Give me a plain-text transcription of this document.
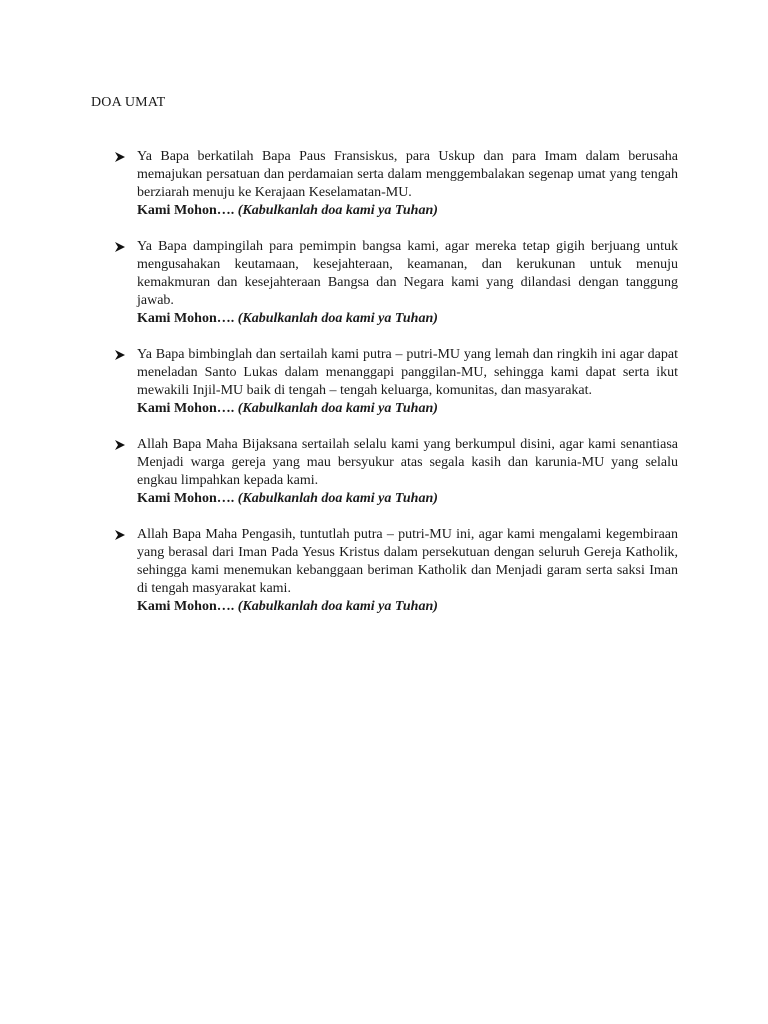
DOA UMAT

Ya Bapa berkatilah Bapa Paus Fransiskus, para Uskup dan para Imam dalam berusaha memajukan persatuan dan perdamaian serta dalam menggembalakan segenap umat yang tengah berziarah menuju ke Kerajaan Keselamatan-MU.

Kami Mohon…. (Kabulkanlah doa kami ya Tuhan)

Ya Bapa dampingilah para pemimpin bangsa kami, agar mereka tetap gigih berjuang untuk mengusahakan keutamaan, kesejahteraan, keamanan, dan kerukunan untuk menuju kemakmuran dan kesejahteraan Bangsa dan Negara kami yang dilandasi dengan tanggung jawab.

Kami Mohon…. (Kabulkanlah doa kami ya Tuhan)

Ya Bapa bimbinglah dan sertailah kami putra – putri-MU yang lemah dan ringkih ini agar dapat meneladan Santo Lukas dalam menanggapi panggilan-MU, sehingga kami dapat serta ikut mewakili Injil-MU baik di tengah – tengah keluarga, komunitas, dan masyarakat.

Kami Mohon…. (Kabulkanlah doa kami ya Tuhan)

Allah Bapa Maha Bijaksana sertailah selalu kami yang berkumpul disini, agar kami senantiasa Menjadi warga gereja yang mau bersyukur atas segala kasih dan karunia-MU yang selalu engkau limpahkan kepada kami.

Kami Mohon…. (Kabulkanlah doa kami ya Tuhan)

Allah Bapa Maha Pengasih, tuntutlah putra – putri-MU ini, agar kami mengalami kegembiraan yang berasal dari Iman Pada Yesus Kristus dalam persekutuan dengan seluruh Gereja Katholik, sehingga kami menemukan kebanggaan beriman Katholik dan Menjadi garam serta saksi Iman di tengah masyarakat kami.

Kami Mohon…. (Kabulkanlah doa kami ya Tuhan)
